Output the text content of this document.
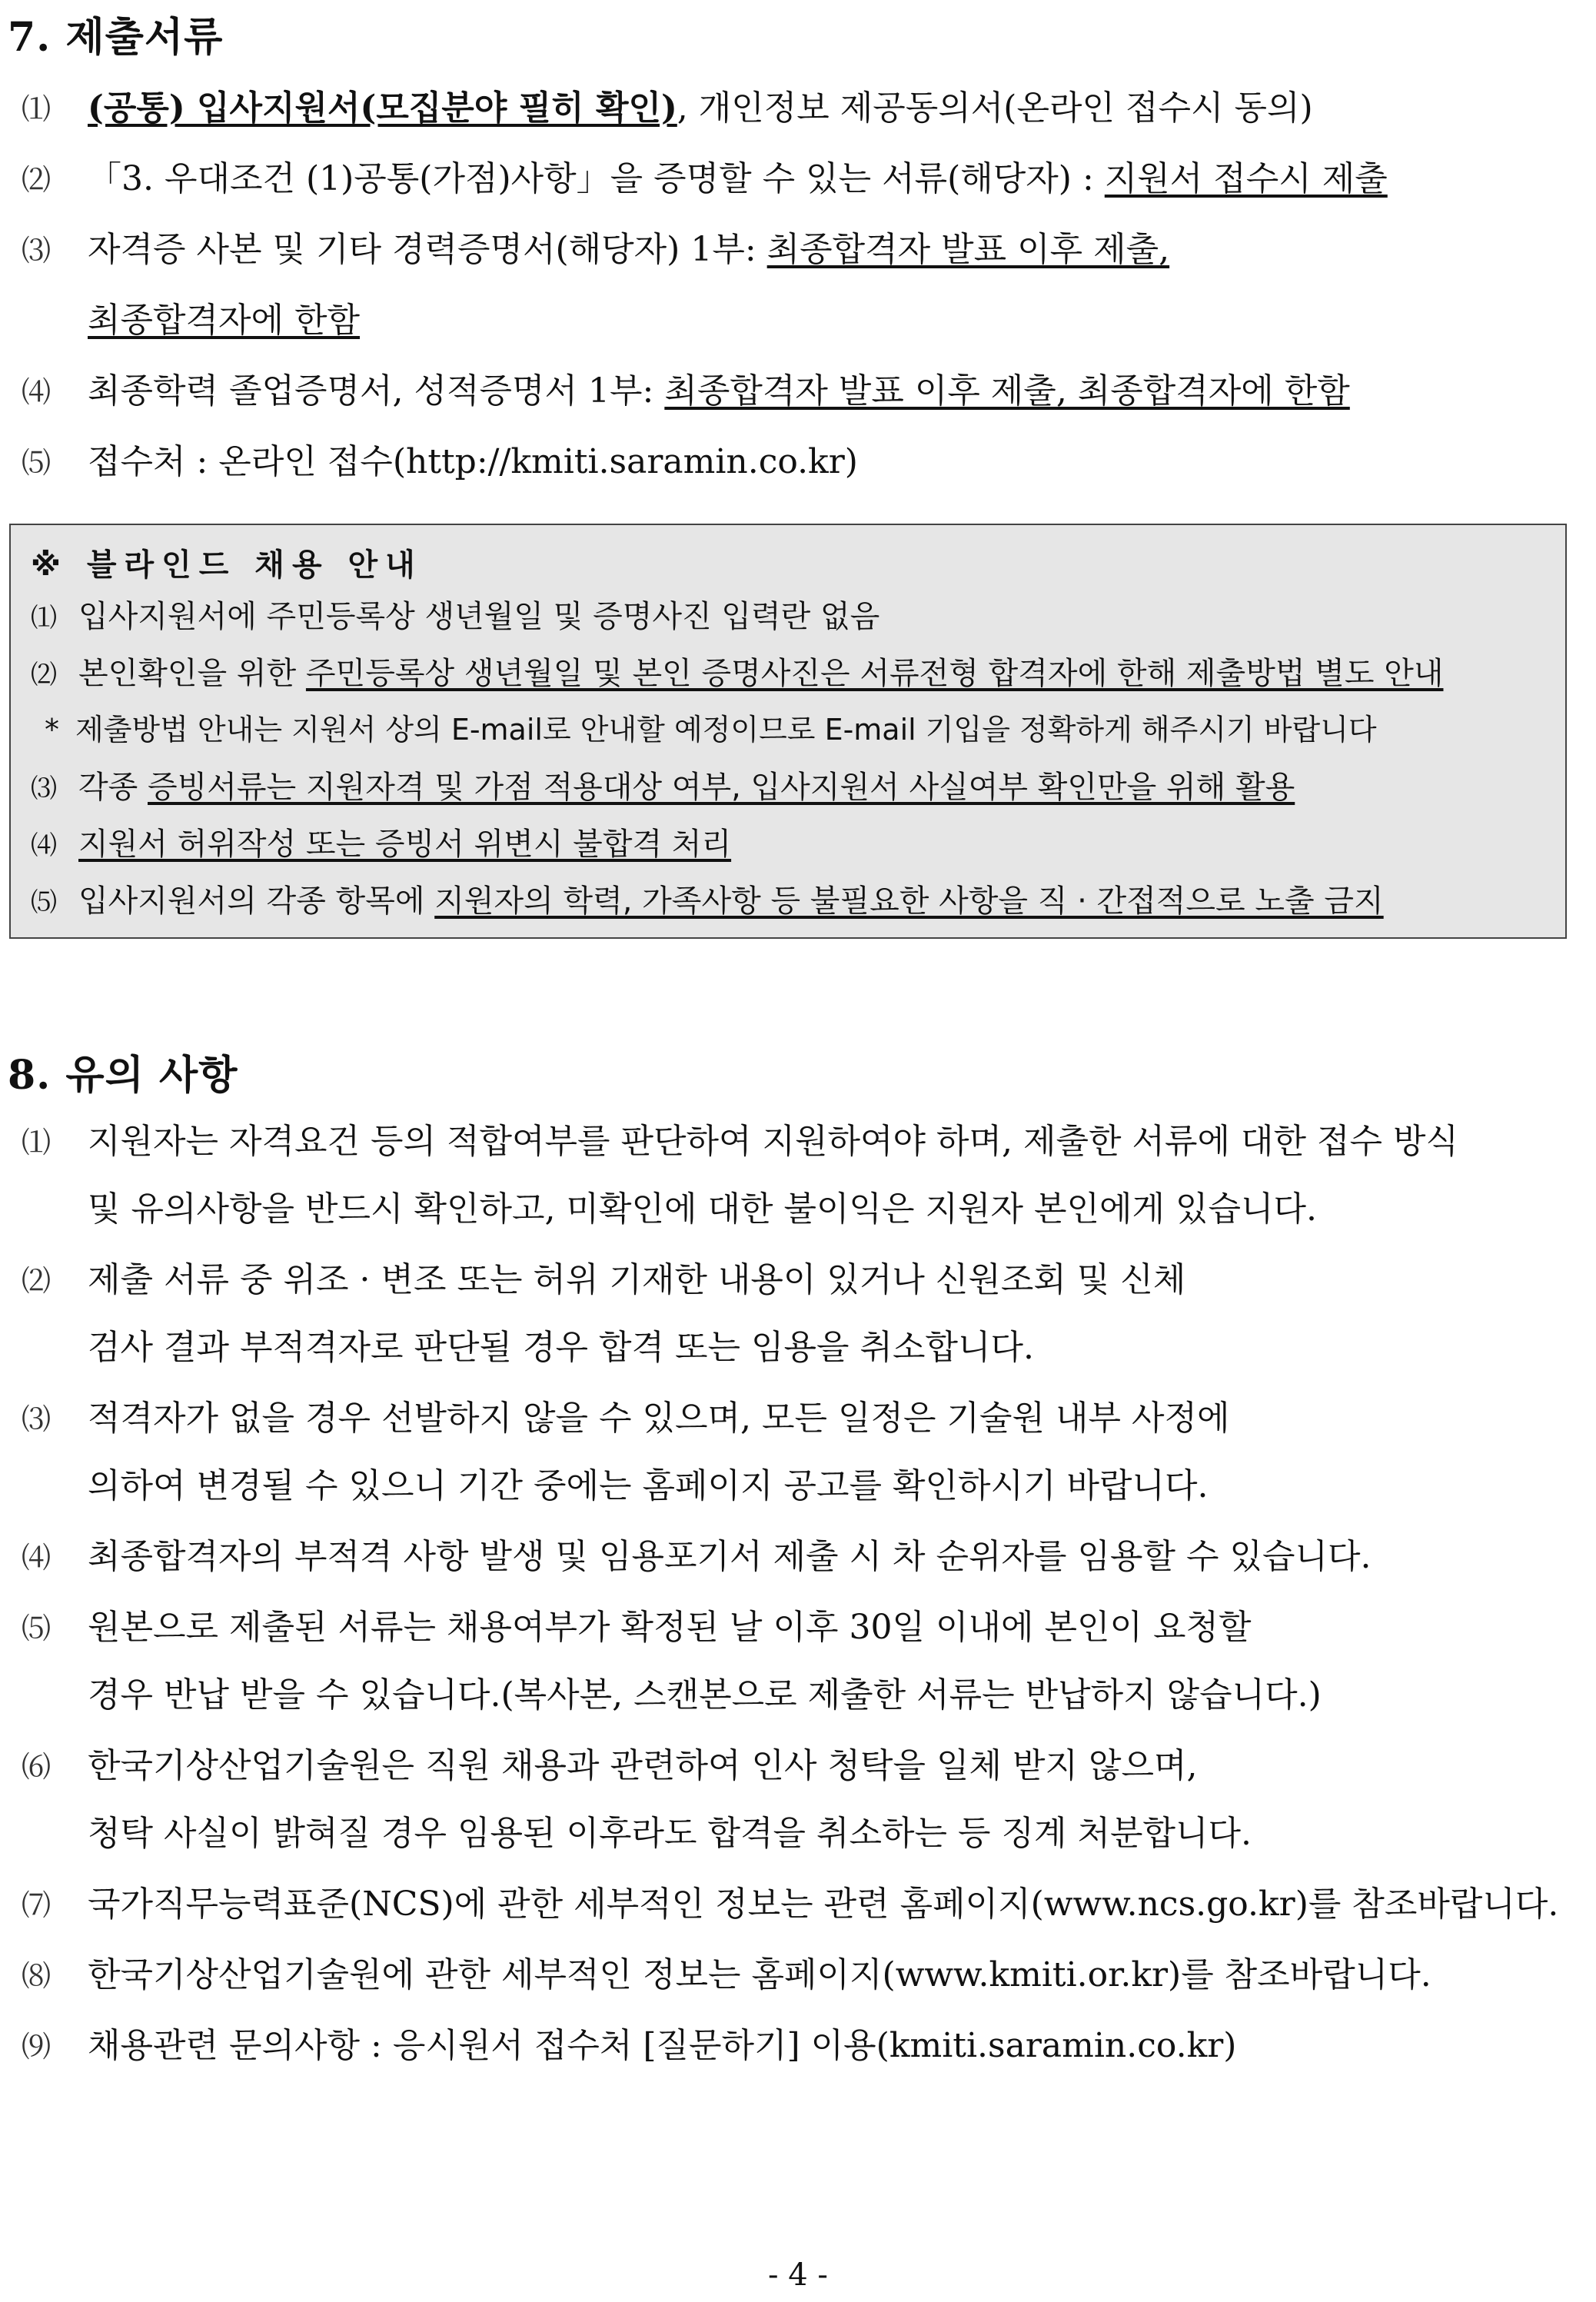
7. 제출서류
⑴ (공통) 입사지원서(모집분야 필히 확인), 개인정보 제공동의서(온라인 접수시 동의)
⑵ 「3. 우대조건 (1)공통(가점)사항」을 증명할 수 있는 서류(해당자) : 지원서 접수시 제출
⑶ 자격증 사본 및 기타 경력증명서(해당자) 1부: 최종합격자 발표 이후 제출,
최종합격자에 한함
⑷ 최종학력 졸업증명서, 성적증명서 1부: 최종합격자 발표 이후 제출, 최종합격자에 한함
⑸ 접수처 : 온라인 접수(http://kmiti.saramin.co.kr)
※ 블라인드 채용 안내
⑴ 입사지원서에 주민등록상 생년월일 및 증명사진 입력란 없음
⑵ 본인확인을 위한 주민등록상 생년월일 및 본인 증명사진은 서류전형 합격자에 한해 제출방법 별도 안내
* 제출방법 안내는 지원서 상의 E-mail로 안내할 예정이므로 E-mail 기입을 정확하게 해주시기 바랍니다
⑶ 각종 증빙서류는 지원자격 및 가점 적용대상 여부, 입사지원서 사실여부 확인만을 위해 활용
⑷ 지원서 허위작성 또는 증빙서 위변시 불합격 처리
⑸ 입사지원서의 각종 항목에 지원자의 학력, 가족사항 등 불필요한 사항을 직 · 간접적으로 노출 금지
8. 유의 사항
⑴ 지원자는 자격요건 등의 적합여부를 판단하여 지원하여야 하며, 제출한 서류에 대한 접수 방식
및 유의사항을 반드시 확인하고, 미확인에 대한 불이익은 지원자 본인에게 있습니다.
⑵ 제출 서류 중 위조 · 변조 또는 허위 기재한 내용이 있거나 신원조회 및 신체
검사 결과 부적격자로 판단될 경우 합격 또는 임용을 취소합니다.
⑶ 적격자가 없을 경우 선발하지 않을 수 있으며, 모든 일정은 기술원 내부 사정에
의하여 변경될 수 있으니 기간 중에는 홈페이지 공고를 확인하시기 바랍니다.
⑷ 최종합격자의 부적격 사항 발생 및 임용포기서 제출 시 차 순위자를 임용할 수 있습니다.
⑸ 원본으로 제출된 서류는 채용여부가 확정된 날 이후 30일 이내에 본인이 요청할
경우 반납 받을 수 있습니다.(복사본, 스캔본으로 제출한 서류는 반납하지 않습니다.)
⑹ 한국기상산업기술원은 직원 채용과 관련하여 인사 청탁을 일체 받지 않으며,
청탁 사실이 밝혀질 경우 임용된 이후라도 합격을 취소하는 등 징계 처분합니다.
⑺ 국가직무능력표준(NCS)에 관한 세부적인 정보는 관련 홈페이지(www.ncs.go.kr)를 참조바랍니다.
⑻ 한국기상산업기술원에 관한 세부적인 정보는 홈페이지(www.kmiti.or.kr)를 참조바랍니다.
⑼ 채용관련 문의사항 : 응시원서 접수처 [질문하기] 이용(kmiti.saramin.co.kr)
- 4 -
